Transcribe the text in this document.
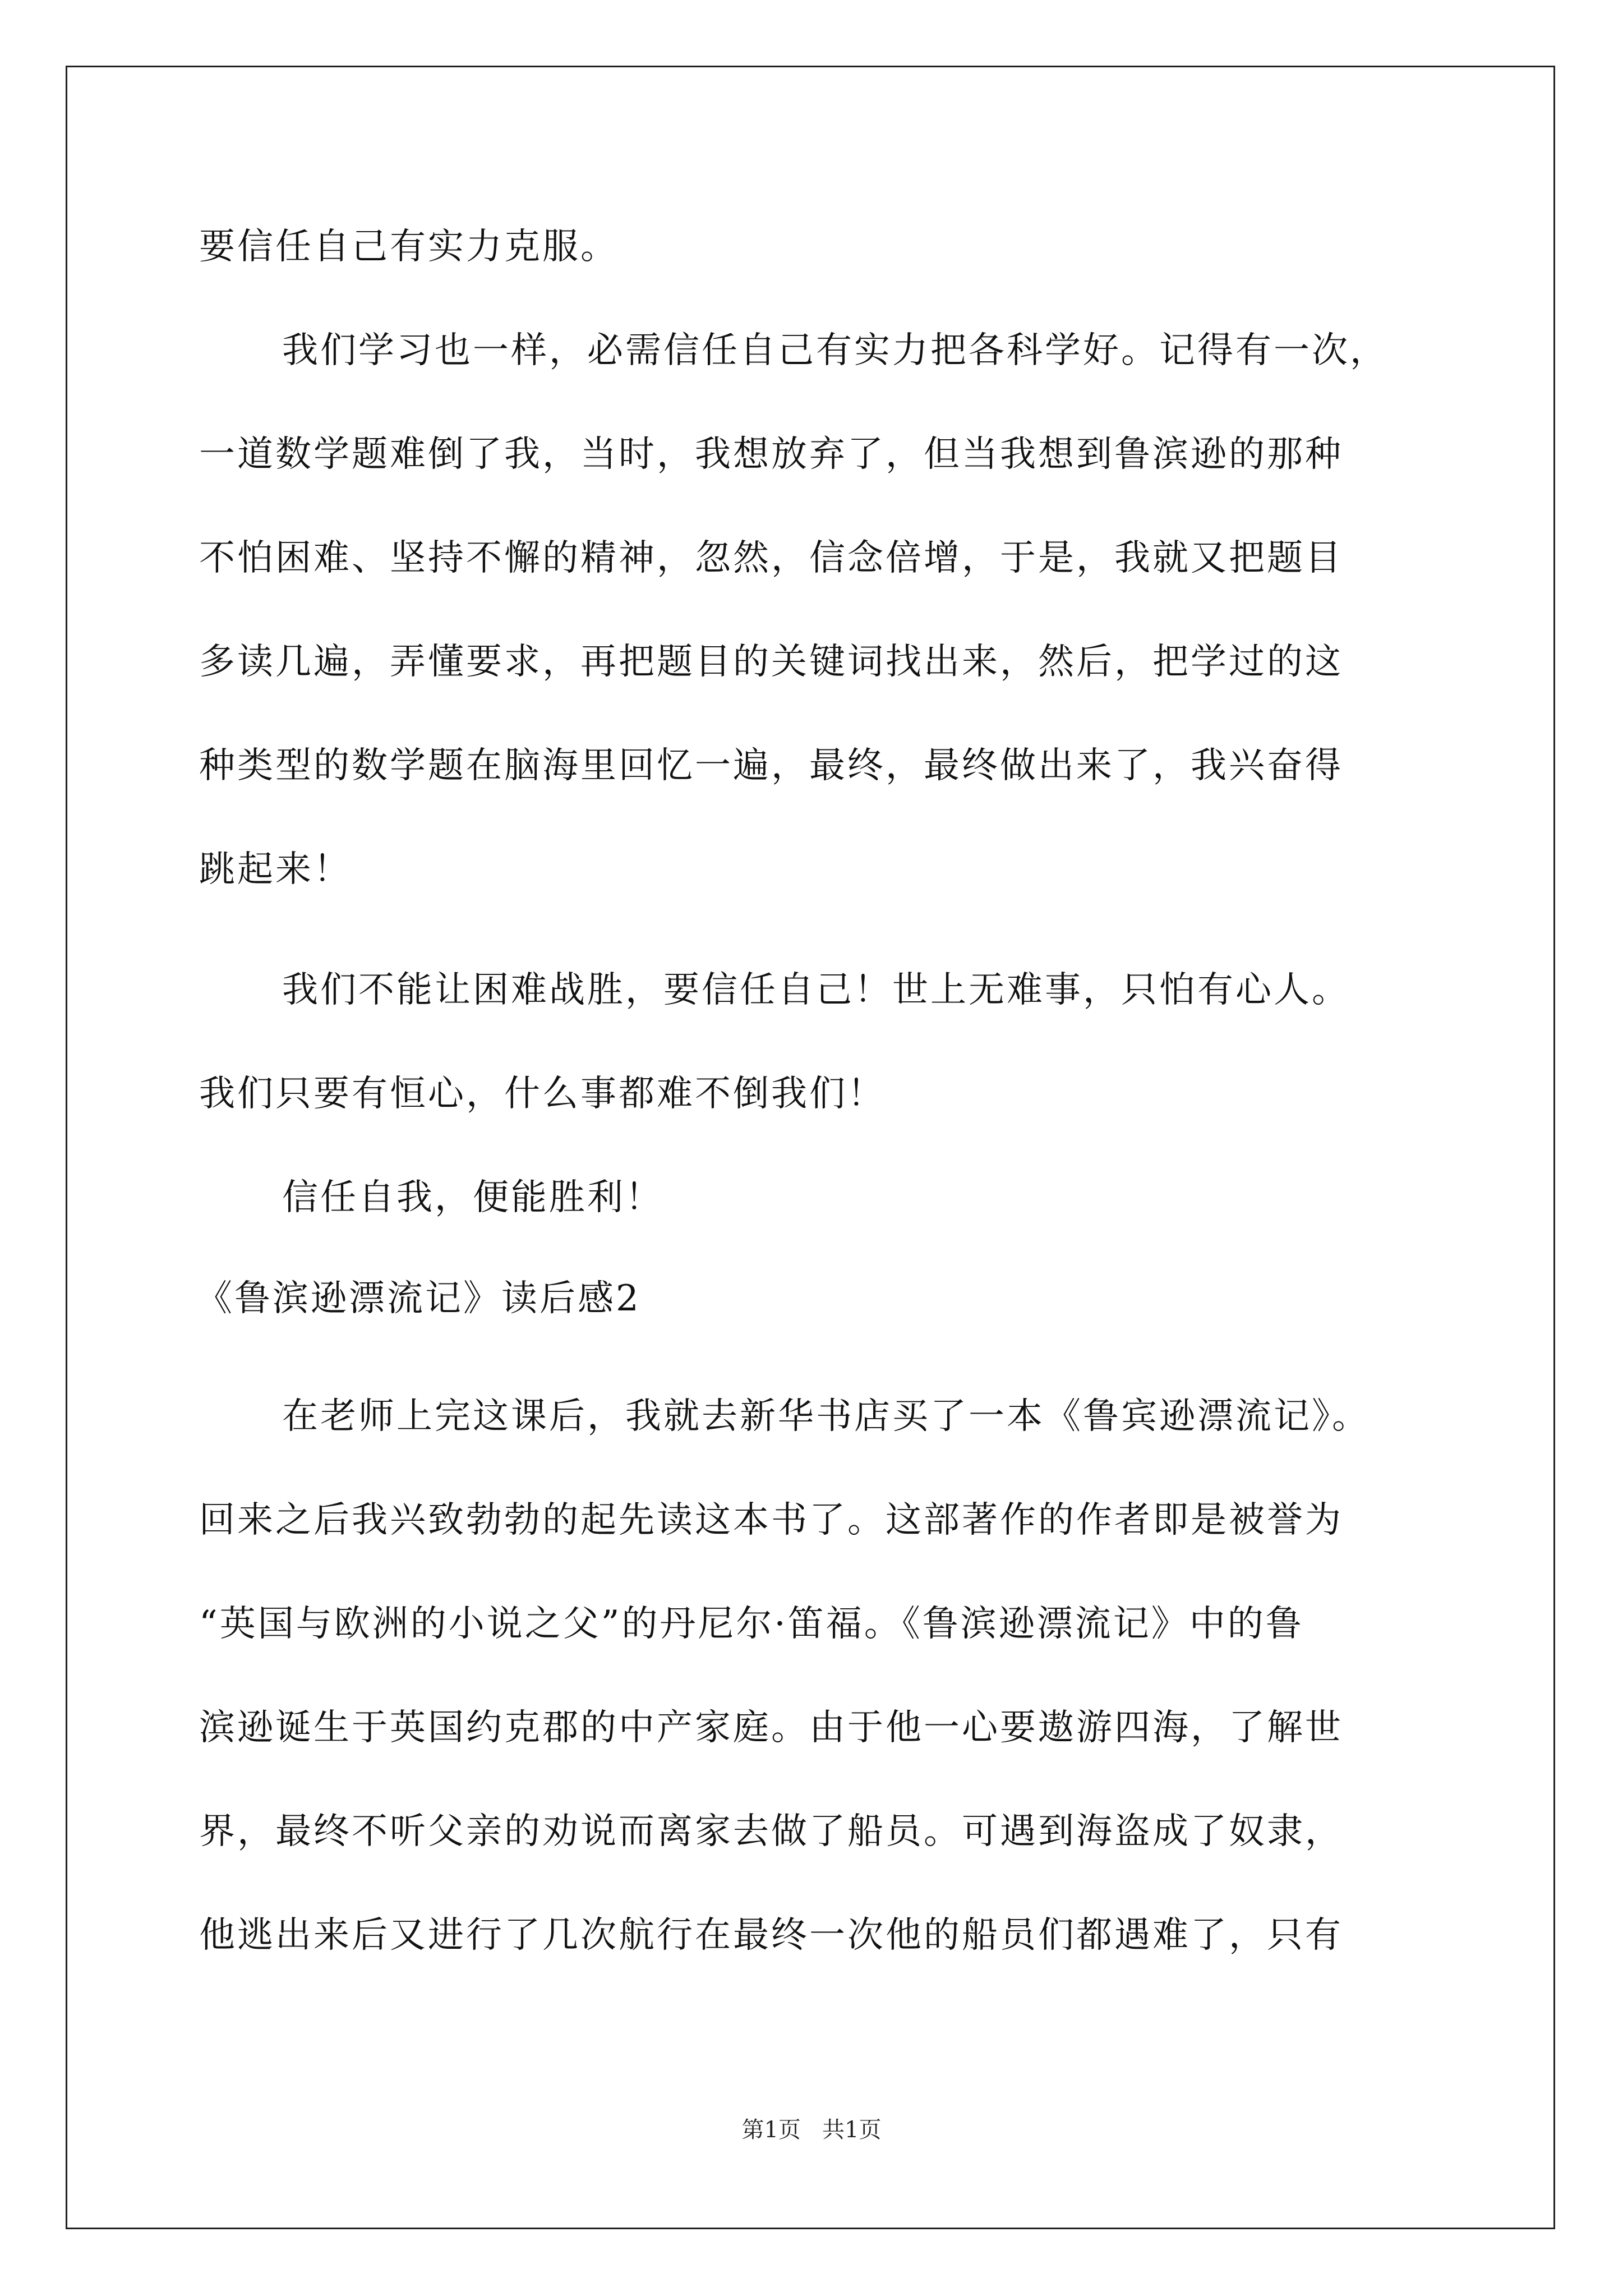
要信任自己有实力克服。
我们学习也一样，必需信任自己有实力把各科学好。记得有一次，
一道数学题难倒了我，当时，我想放弃了，但当我想到鲁滨逊的那种
不怕困难、坚持不懈的精神，忽然，信念倍增，于是，我就又把题目
多读几遍，弄懂要求，再把题目的关键词找出来，然后，把学过的这
种类型的数学题在脑海里回忆一遍，最终，最终做出来了，我兴奋得
跳起来！
我们不能让困难战胜，要信任自己！世上无难事，只怕有心人。
我们只要有恒心，什么事都难不倒我们！
信任自我，便能胜利！
《鲁滨逊漂流记》读后感2
在老师上完这课后，我就去新华书店买了一本《鲁宾逊漂流记》。
回来之后我兴致勃勃的起先读这本书了。这部著作的作者即是被誉为
“英国与欧洲的小说之父”的丹尼尔·笛福。《鲁滨逊漂流记》中的鲁
滨逊诞生于英国约克郡的中产家庭。由于他一心要遨游四海，了解世
界，最终不听父亲的劝说而离家去做了船员。可遇到海盗成了奴隶，
他逃出来后又进行了几次航行在最终一次他的船员们都遇难了，只有
第1页   共1页
